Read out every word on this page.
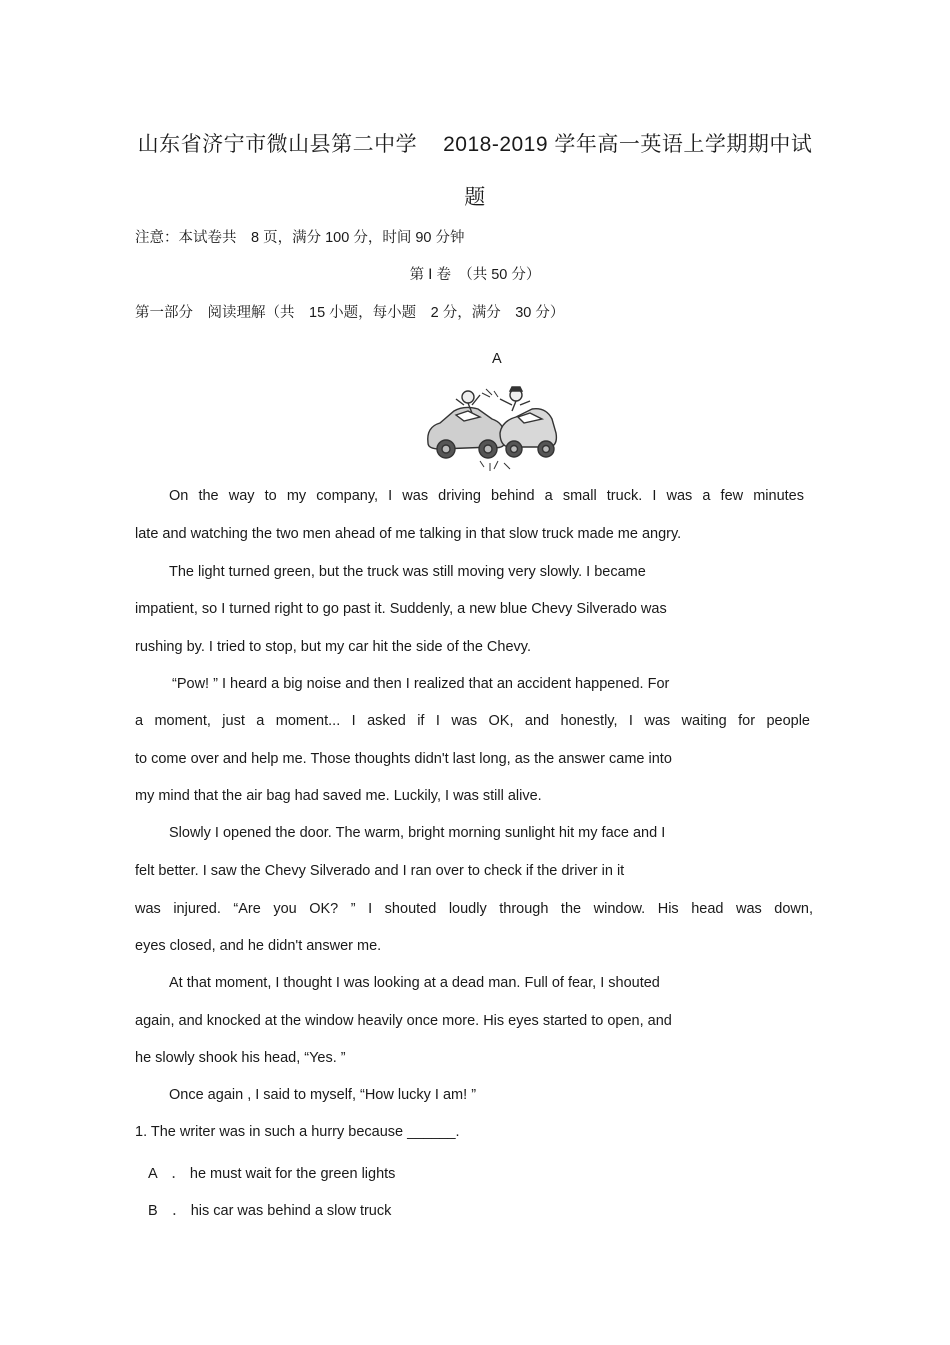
山东省济宁市微山县第二中学 2018-2019 学年高一英语上学期期中试
题
注意：本试卷共　8 页，满分 100 分，时间 90 分钟
第 Ⅰ 卷　（共 50 分）
第一部分　阅读理解（共　15 小题，每小题　2 分，满分　30 分）
A
On the way to my company, I was driving behind a small truck. I was a few minutes
late and watching the two men ahead of me talking in that slow truck made me angry.
The light turned green, but the truck was still moving very slowly. I became
impatient, so I turned right to go past it. Suddenly, a new blue Chevy Silverado was
rushing by. I tried to stop, but my car hit the side of the Chevy.
“Pow! ” I heard a big noise and then I realized that an accident happened. For
a moment, just a moment... I asked if I was OK, and honestly, I was waiting for people
to come over and help me. Those thoughts didn't last long, as the answer came into
my mind that the air bag had saved me. Luckily, I was still alive.
Slowly I opened the door. The warm, bright morning sunlight hit my face and I
felt better. I saw the Chevy Silverado and I ran over to check if the driver in it
was injured. “Are you OK? ” I shouted loudly through the window. His head was down,
eyes closed, and he didn't answer me.
At that moment, I thought I was looking at a dead man. Full of fear, I shouted
again, and knocked at the window heavily once more. His eyes started to open, and
he slowly shook his head, “Yes. ”
Once again , I said to myself, “How lucky I am! ”
1. The writer was in such a hurry because ______.
A　． he must wait for the green lights
B　． his car was behind a slow truck
